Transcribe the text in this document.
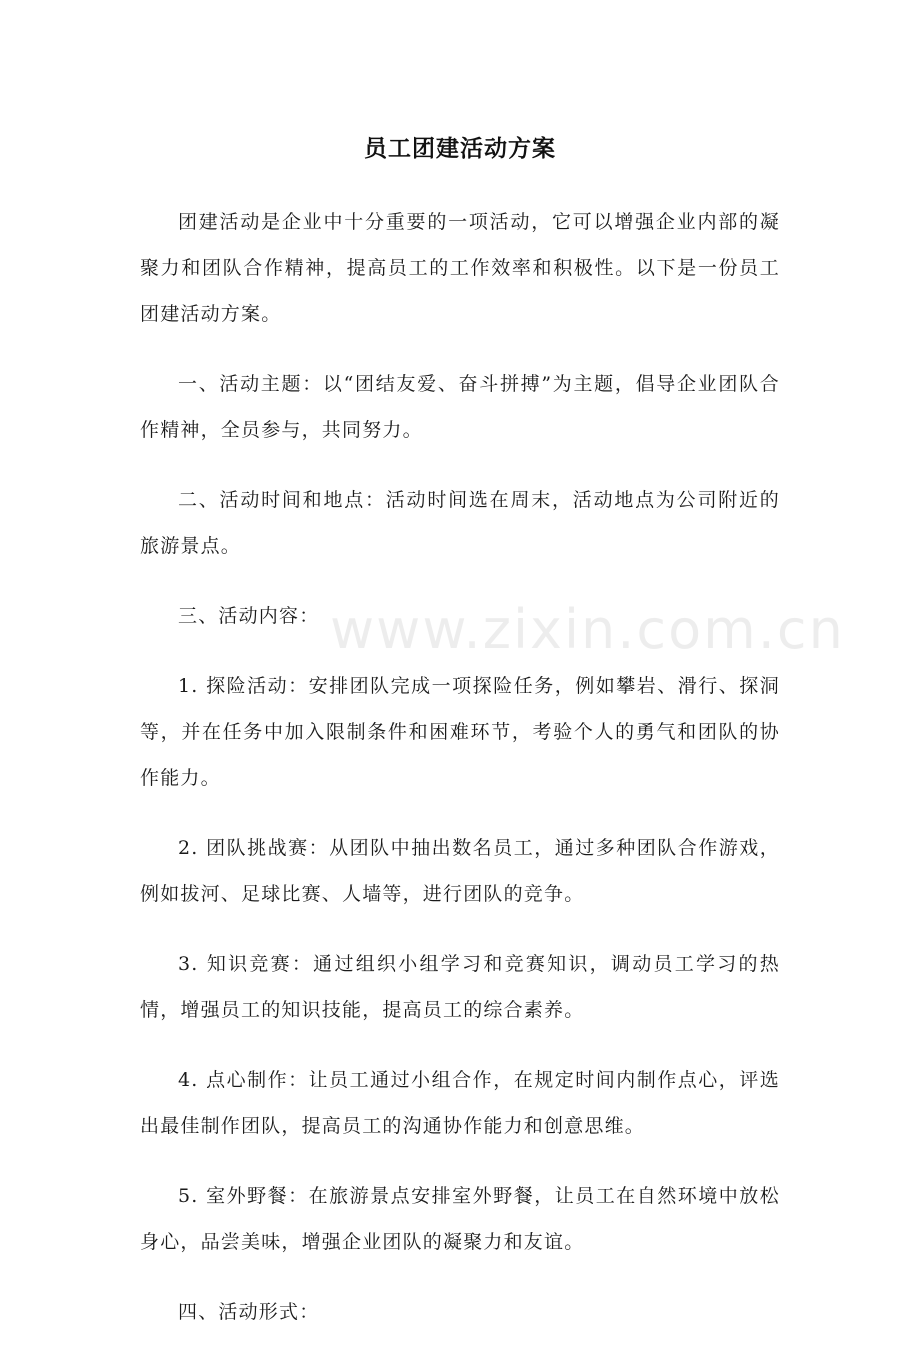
员工团建活动方案

团建活动是企业中十分重要的一项活动，它可以增强企业内部的凝聚力和团队合作精神，提高员工的工作效率和积极性。以下是一份员工团建活动方案。

一、活动主题：以“团结友爱、奋斗拼搏”为主题，倡导企业团队合作精神，全员参与，共同努力。

二、活动时间和地点：活动时间选在周末，活动地点为公司附近的旅游景点。

三、活动内容：

1. 探险活动：安排团队完成一项探险任务，例如攀岩、滑行、探洞等，并在任务中加入限制条件和困难环节，考验个人的勇气和团队的协作能力。

2. 团队挑战赛：从团队中抽出数名员工，通过多种团队合作游戏，例如拔河、足球比赛、人墙等，进行团队的竞争。

3. 知识竞赛：通过组织小组学习和竞赛知识，调动员工学习的热情，增强员工的知识技能，提高员工的综合素养。

4. 点心制作：让员工通过小组合作，在规定时间内制作点心，评选出最佳制作团队，提高员工的沟通协作能力和创意思维。

5. 室外野餐：在旅游景点安排室外野餐，让员工在自然环境中放松身心，品尝美味，增强企业团队的凝聚力和友谊。

四、活动形式：

www.zixin.com.cn
